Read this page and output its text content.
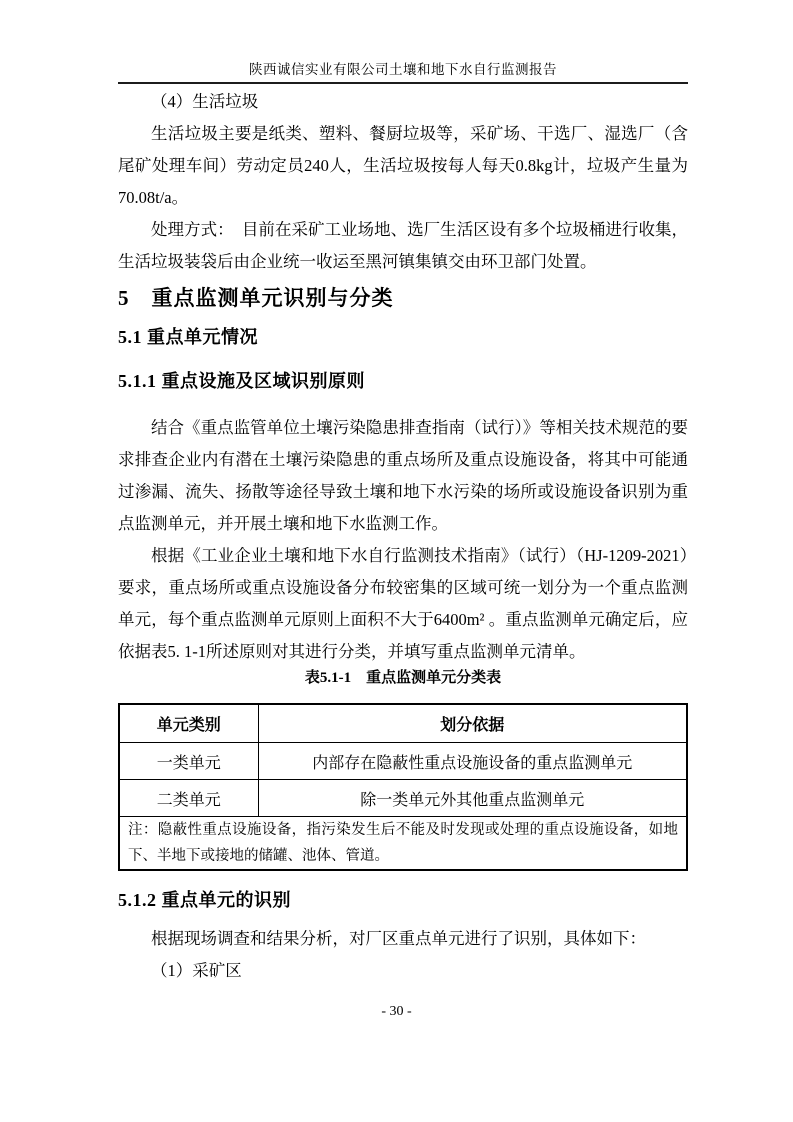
陕西诚信实业有限公司土壤和地下水自行监测报告

（4）生活垃圾

生活垃圾主要是纸类、塑料、餐厨垃圾等，采矿场、干选厂、湿选厂（含尾矿处理车间）劳动定员240人，生活垃圾按每人每天0.8kg计，垃圾产生量为70.08t/a。

处理方式：　目前在采矿工业场地、选厂生活区设有多个垃圾桶进行收集，生活垃圾装袋后由企业统一收运至黑河镇集镇交由环卫部门处置。

5　重点监测单元识别与分类
5.1 重点单元情况
5.1.1 重点设施及区域识别原则

结合《重点监管单位土壤污染隐患排查指南（试行）》等相关技术规范的要求排查企业内有潜在土壤污染隐患的重点场所及重点设施设备，将其中可能通过渗漏、流失、扬散等途径导致土壤和地下水污染的场所或设施设备识别为重点监测单元，并开展土壤和地下水监测工作。

根据《工业企业土壤和地下水自行监测技术指南》（试行）（HJ-1209-2021）要求，重点场所或重点设施设备分布较密集的区域可统一划分为一个重点监测单元，每个重点监测单元原则上面积不大于6400m² 。重点监测单元确定后，应依据表5. 1-1所述原则对其进行分类，并填写重点监测单元清单。

表5.1-1　重点监测单元分类表

单元类别	划分依据
一类单元	内部存在隐蔽性重点设施设备的重点监测单元
二类单元	除一类单元外其他重点监测单元
注：隐蔽性重点设施设备，指污染发生后不能及时发现或处理的重点设施设备，如地下、半地下或接地的储罐、池体、管道。	
5.1.2 重点单元的识别

根据现场调查和结果分析，对厂区重点单元进行了识别，具体如下：

（1）采矿区

- 30 -
